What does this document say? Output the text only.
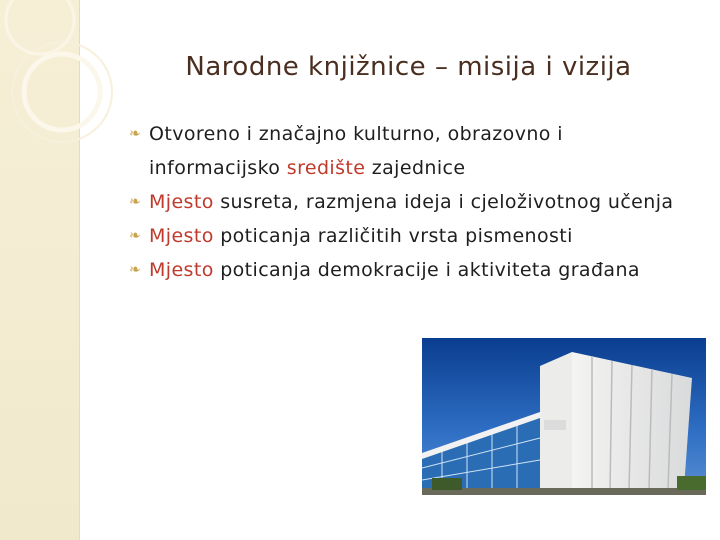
Narodne knjižnice – misija i vizija
❧ Otvoreno i značajno kulturno, obrazovno i informacijsko središte zajednice
❧ Mjesto susreta, razmjena ideja i cjeloživotnog učenja
❧ Mjesto poticanja različitih vrsta pismenosti
❧ Mjesto poticanja demokracije i aktiviteta građana
